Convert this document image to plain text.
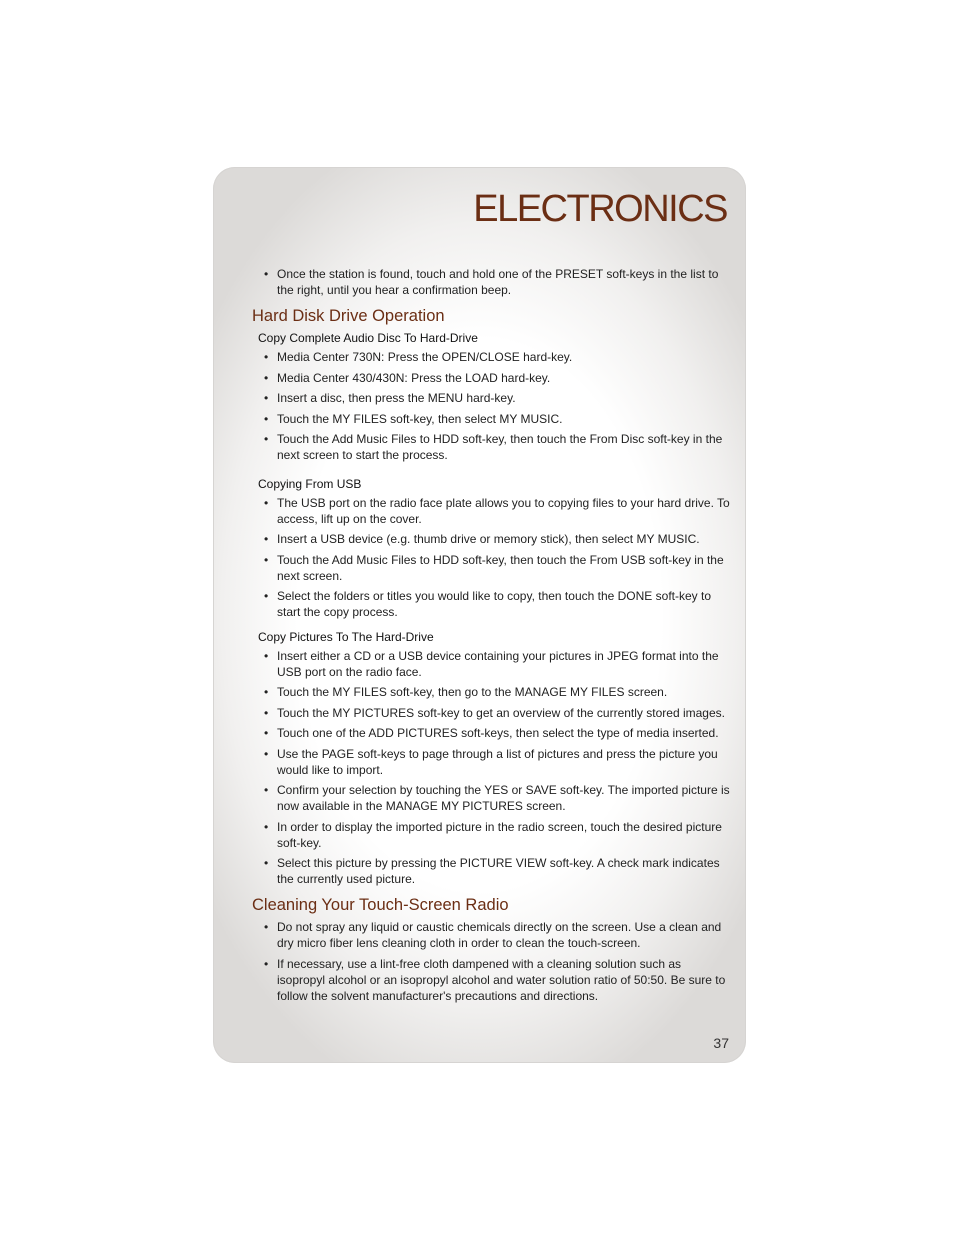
ELECTRONICS
• Once the station is found, touch and hold one of the PRESET soft-keys in the list to the right, until you hear a confirmation beep.
Hard Disk Drive Operation
Copy Complete Audio Disc To Hard-Drive
• Media Center 730N: Press the OPEN/CLOSE hard-key.
• Media Center 430/430N: Press the LOAD hard-key.
• Insert a disc, then press the MENU hard-key.
• Touch the MY FILES soft-key, then select MY MUSIC.
• Touch the Add Music Files to HDD soft-key, then touch the From Disc soft-key in the next screen to start the process.
Copying From USB
• The USB port on the radio face plate allows you to copying files to your hard drive. To access, lift up on the cover.
• Insert a USB device (e.g. thumb drive or memory stick), then select MY MUSIC.
• Touch the Add Music Files to HDD soft-key, then touch the From USB soft-key in the next screen.
• Select the folders or titles you would like to copy, then touch the DONE soft-key to start the copy process.
Copy Pictures To The Hard-Drive
• Insert either a CD or a USB device containing your pictures in JPEG format into the USB port on the radio face.
• Touch the MY FILES soft-key, then go to the MANAGE MY FILES screen.
• Touch the MY PICTURES soft-key to get an overview of the currently stored images.
• Touch one of the ADD PICTURES soft-keys, then select the type of media inserted.
• Use the PAGE soft-keys to page through a list of pictures and press the picture you would like to import.
• Confirm your selection by touching the YES or SAVE soft-key. The imported picture is now available in the MANAGE MY PICTURES screen.
• In order to display the imported picture in the radio screen, touch the desired picture soft-key.
• Select this picture by pressing the PICTURE VIEW soft-key. A check mark indicates the currently used picture.
Cleaning Your Touch-Screen Radio
• Do not spray any liquid or caustic chemicals directly on the screen. Use a clean and dry micro fiber lens cleaning cloth in order to clean the touch-screen.
• If necessary, use a lint-free cloth dampened with a cleaning solution such as isopropyl alcohol or an isopropyl alcohol and water solution ratio of 50:50. Be sure to follow the solvent manufacturer's precautions and directions.
37
